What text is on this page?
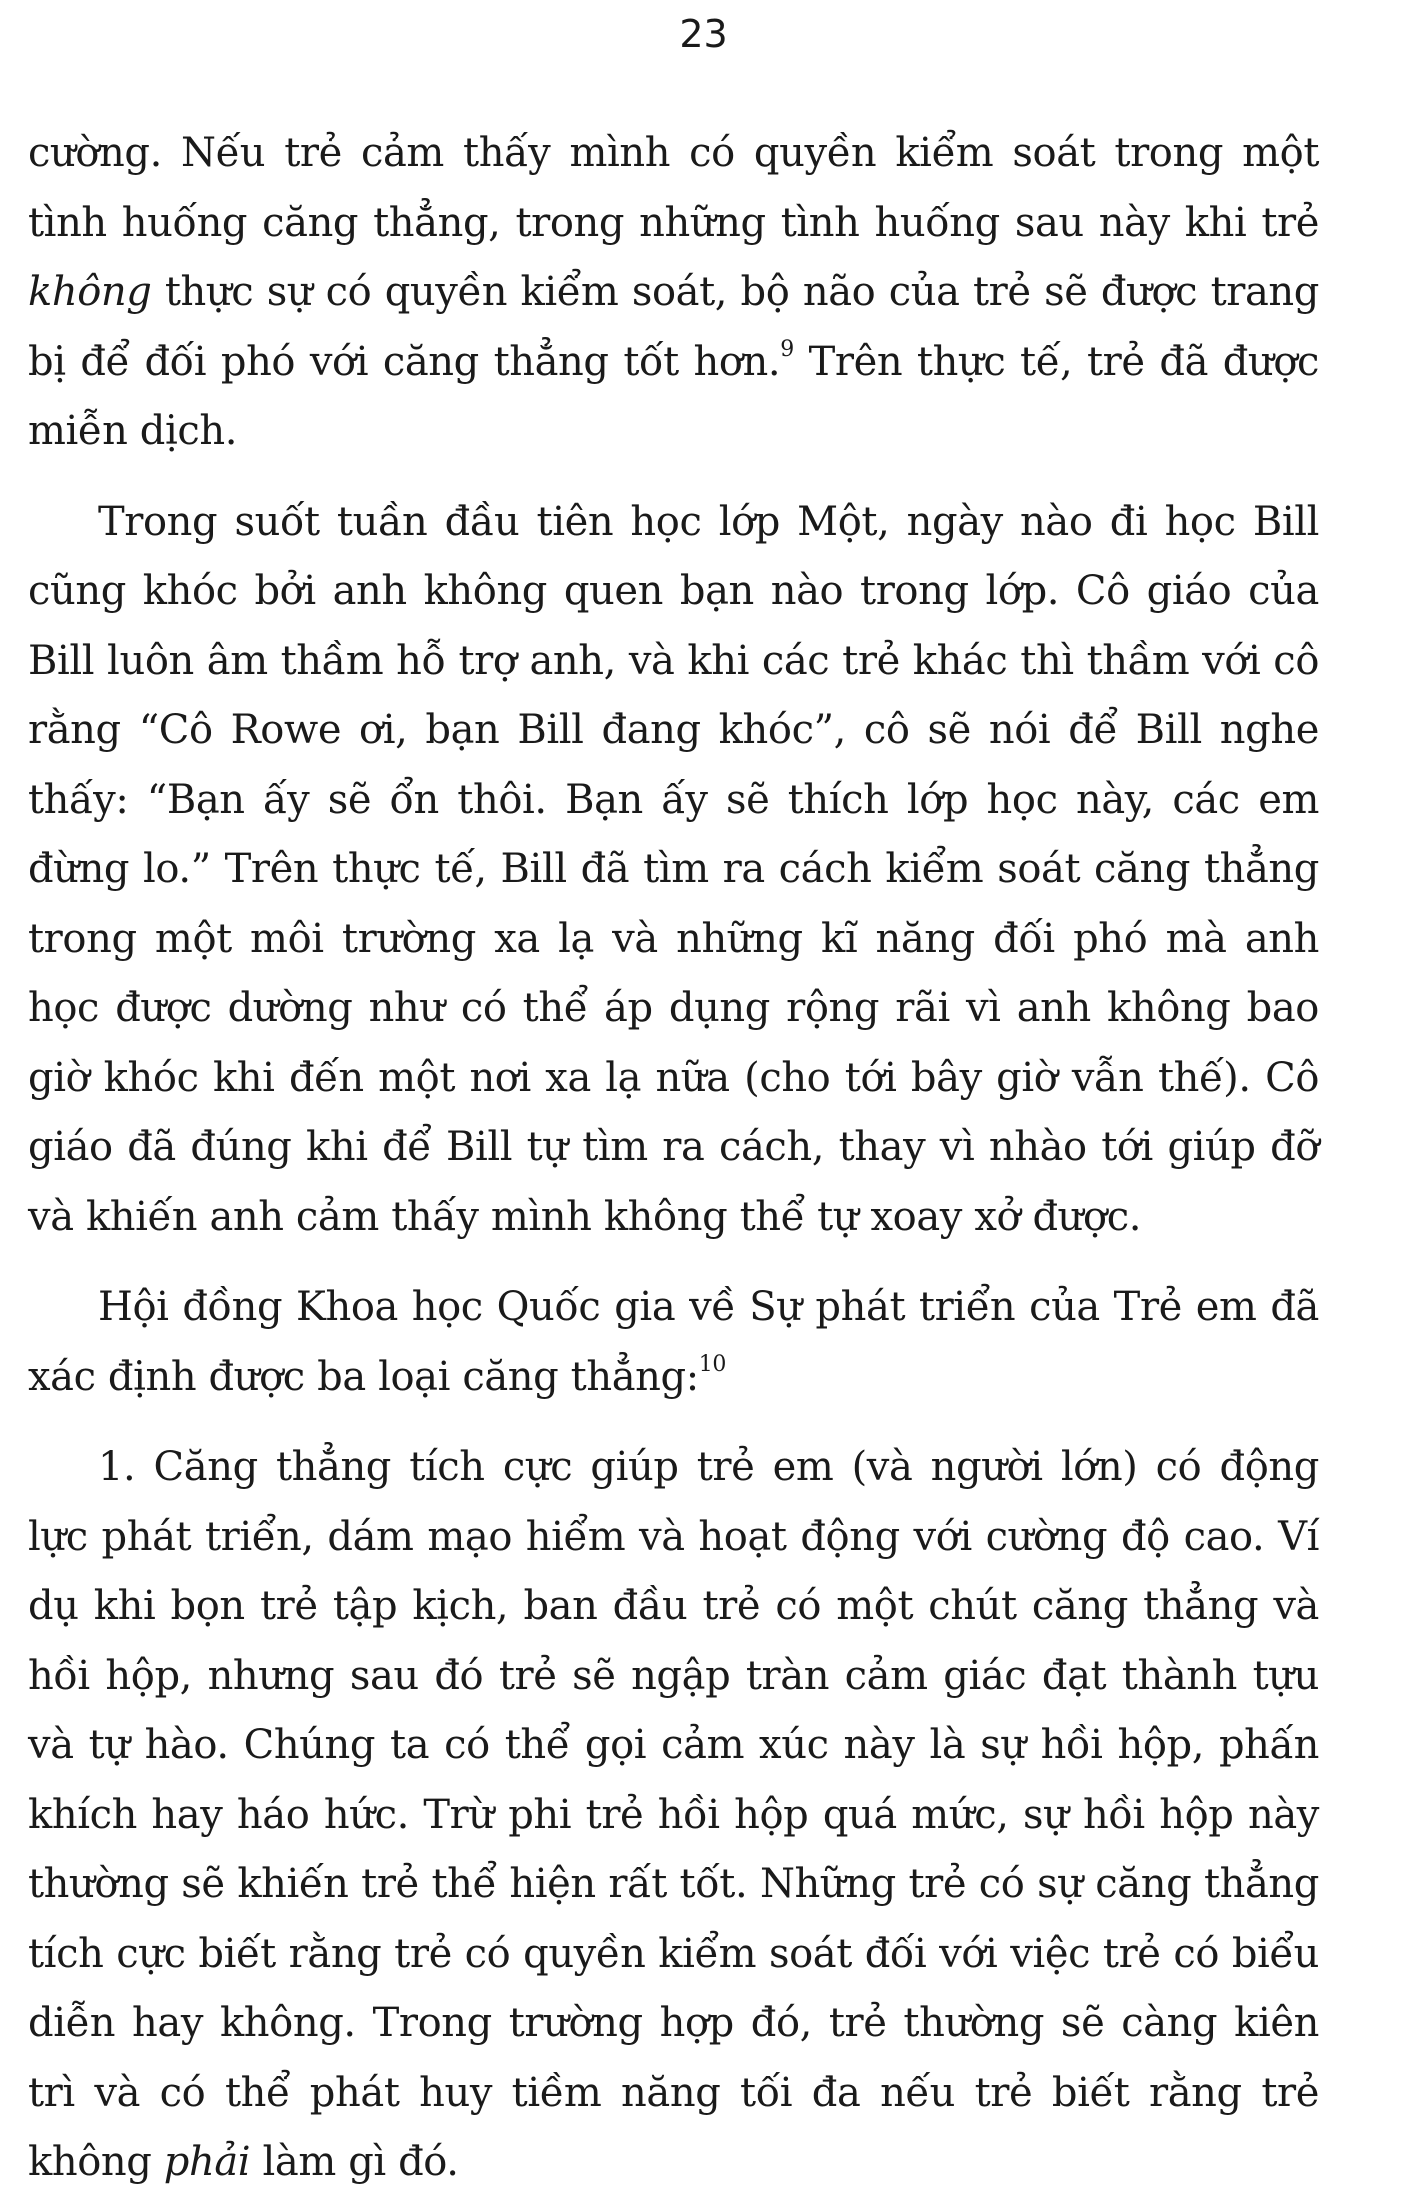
23

cường. Nếu trẻ cảm thấy mình có quyền kiểm soát trong một tình huống căng thẳng, trong những tình huống sau này khi trẻ không thực sự có quyền kiểm soát, bộ não của trẻ sẽ được trang bị để đối phó với căng thẳng tốt hơn.$^9$ Trên thực tế, trẻ đã được miễn dịch.

Trong suốt tuần đầu tiên học lớp Một, ngày nào đi học Bill cũng khóc bởi anh không quen bạn nào trong lớp. Cô giáo của Bill luôn âm thầm hỗ trợ anh, và khi các trẻ khác thì thầm với cô rằng “Cô Rowe ơi, bạn Bill đang khóc”, cô sẽ nói để Bill nghe thấy: “Bạn ấy sẽ ổn thôi. Bạn ấy sẽ thích lớp học này, các em đừng lo.” Trên thực tế, Bill đã tìm ra cách kiểm soát căng thẳng trong một môi trường xa lạ và những kĩ năng đối phó mà anh học được dường như có thể áp dụng rộng rãi vì anh không bao giờ khóc khi đến một nơi xa lạ nữa (cho tới bây giờ vẫn thế). Cô giáo đã đúng khi để Bill tự tìm ra cách, thay vì nhào tới giúp đỡ và khiến anh cảm thấy mình không thể tự xoay xở được.

Hội đồng Khoa học Quốc gia về Sự phát triển của Trẻ em đã xác định được ba loại căng thẳng:$^{10}$

1. Căng thẳng tích cực giúp trẻ em (và người lớn) có động lực phát triển, dám mạo hiểm và hoạt động với cường độ cao. Ví dụ khi bọn trẻ tập kịch, ban đầu trẻ có một chút căng thẳng và hồi hộp, nhưng sau đó trẻ sẽ ngập tràn cảm giác đạt thành tựu và tự hào. Chúng ta có thể gọi cảm xúc này là sự hồi hộp, phấn khích hay háo hức. Trừ phi trẻ hồi hộp quá mức, sự hồi hộp này thường sẽ khiến trẻ thể hiện rất tốt. Những trẻ có sự căng thẳng tích cực biết rằng trẻ có quyền kiểm soát đối với việc trẻ có biểu diễn hay không. Trong trường hợp đó, trẻ thường sẽ càng kiên trì và có thể phát huy tiềm năng tối đa nếu trẻ biết rằng trẻ không phải làm gì đó.
